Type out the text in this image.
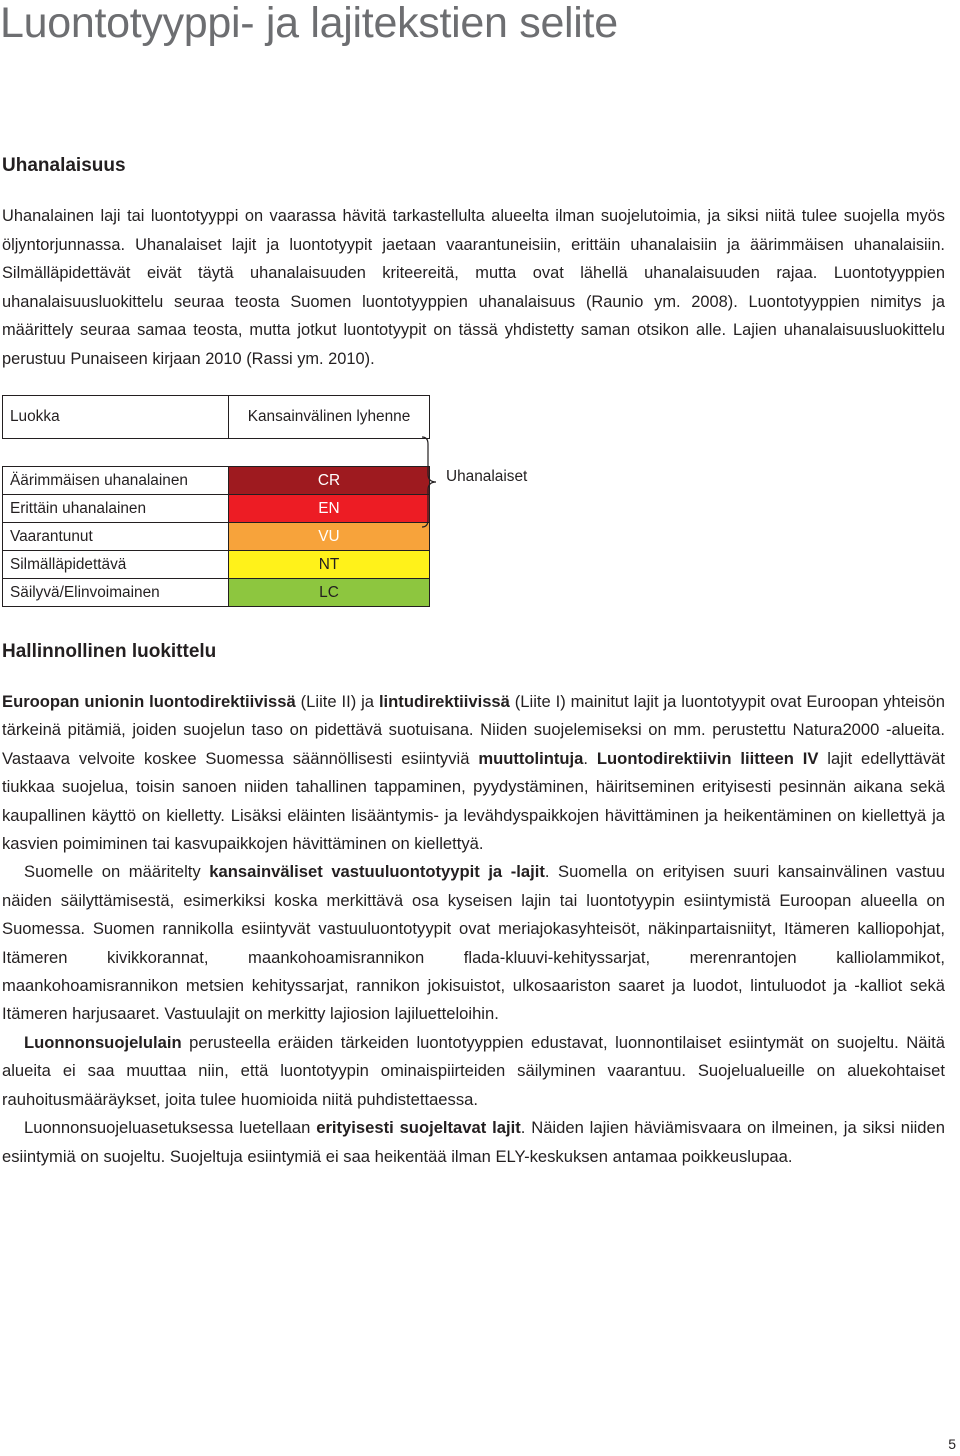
Luontotyyppi- ja lajitekstien selite
Uhanalaisuus

Uhanalainen laji tai luontotyyppi on vaarassa hävitä tarkastellulta alueelta ilman suojelutoimia, ja siksi niitä tulee suojella myös öljyntorjunnassa. Uhanalaiset lajit ja luontotyypit jaetaan vaarantuneisiin, erittäin uhanalaisiin ja äärimmäisen uhanalaisiin. Silmälläpidettävät eivät täytä uhanalaisuuden kriteereitä, mutta ovat lähellä uhanalaisuuden rajaa. Luontotyyppien uhanalaisuusluokittelu seuraa teosta Suomen luontotyyppien uhanalaisuus (Raunio ym. 2008). Luontotyyppien nimitys ja määrittely seuraa samaa teosta, mutta jotkut luontotyypit on tässä yhdistetty saman otsikon alle. Lajien uhanalaisuusluokittelu perustuu Punaiseen kirjaan 2010 (Rassi ym. 2010).

Luokka	Kansainvälinen lyhenne

Äärimmäisen uhanalainen	CR
Erittäin uhanalainen	EN
Vaarantunut	VU
Silmälläpidettävä	NT
Säilyvä/Elinvoimainen	LC
Uhanalaiset
Hallinnollinen luokittelu

Euroopan unionin luontodirektiivissä (Liite II) ja lintudirektiivissä (Liite I) mainitut lajit ja luontotyypit ovat Euroopan yhteisön tärkeinä pitämiä, joiden suojelun taso on pidettävä suotuisana. Niiden suojelemiseksi on mm. perustettu Natura2000 -alueita. Vastaava velvoite koskee Suomessa säännöllisesti esiintyviä muuttolintuja. Luontodirektiivin liitteen IV lajit edellyttävät tiukkaa suojelua, toisin sanoen niiden tahallinen tappaminen, pyydystäminen, häiritseminen erityisesti pesinnän aikana sekä kaupallinen käyttö on kielletty. Lisäksi eläinten lisääntymis- ja levähdyspaikkojen hävittäminen ja heikentäminen on kiellettyä ja kasvien poimiminen tai kasvupaikkojen hävittäminen on kiellettyä.

Suomelle on määritelty kansainväliset vastuuluontotyypit ja -lajit. Suomella on erityisen suuri kansainvälinen vastuu näiden säilyttämisestä, esimerkiksi koska merkittävä osa kyseisen lajin tai luontotyypin esiintymistä Euroopan alueella on Suomessa. Suomen rannikolla esiintyvät vastuuluontotyypit ovat meriajokasyhteisöt, näkinpartaisniityt, Itämeren kalliopohjat, Itämeren kivikkorannat, maankohoamisrannikon flada-kluuvi-kehityssarjat, merenrantojen kalliolammikot, maankohoamisrannikon metsien kehityssarjat, rannikon jokisuistot, ulkosaariston saaret ja luodot, lintuluodot ja -kalliot sekä Itämeren harjusaaret. Vastuulajit on merkitty lajiosion lajiluetteloihin.

Luonnonsuojelulain perusteella eräiden tärkeiden luontotyyppien edustavat, luonnontilaiset esiintymät on suojeltu. Näitä alueita ei saa muuttaa niin, että luontotyypin ominaispiirteiden säilyminen vaarantuu. Suojelualueille on aluekohtaiset rauhoitusmääräykset, joita tulee huomioida niitä puhdistettaessa.

Luonnonsuojeluasetuksessa luetellaan erityisesti suojeltavat lajit. Näiden lajien häviämisvaara on ilmeinen, ja siksi niiden esiintymiä on suojeltu. Suojeltuja esiintymiä ei saa heikentää ilman ELY-keskuksen antamaa poikkeuslupaa.

5
